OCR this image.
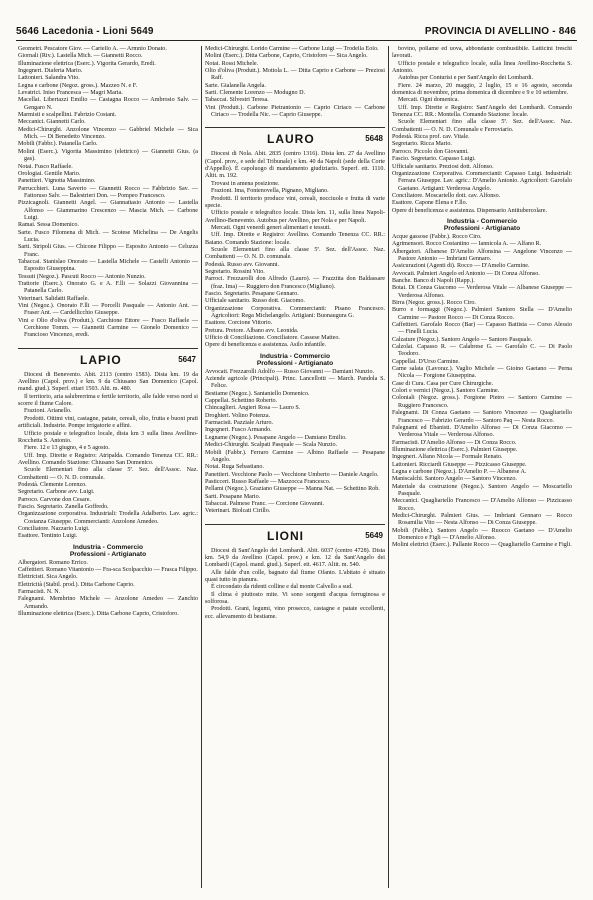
5646 Lacedonia - Lioni 5649	PROVINCIA DI AVELLINO - 846

Geometri. Pescatore Giov. — Cariello A. — Armnio Donato.

Giornali (Riv.). Lastella Mich. — Giannetti Rocco.

Illuminazione elettrica (Eserc.). Vigorita Gerardo, Eredi.

Ingegneri. Diaferia Mario.

Lattonieri. Salandra Vito.

Legna e carbone (Negoz. gross.). Mazzeo N. e F.

Levatrici. Iniso Francesca — Magri Maria.

Macellai. Libertazzi Emilio — Castagna Rocco — Ambrosio Salv. — Gengaro N.

Marmisti e scalpellini. Fabrizio Costant.

Meccanici. Giannetti Carlo.

Medici-Chirurghi. Anzolone Vincenzo — Gabbriel Michele — Sica Mich. — Di Benedetto Vincenzo.

Mobili (Fabbr.). Patanella Carlo.

Molini (Eserc.). Vigorita Massimino (elettrico) — Giannetti Gius. (a gas).

Notai. Fusco Raffaele.

Orologiai. Gentile Mario.

Panettieri. Vignotta Massimino.

Parrucchieri. Luna Saverio — Giannetti Rocco — Fabbrizio Sav. — Fattoruso Salv. — Balestrieri Don. — Pompeo Francesco.

Pizzicagnoli. Giannetti Angel. — Giannattasio Antonio — Lastella Alfonso — Giammarino Crescenzo — Mascia Mich. — Carbone Luigi.

Ramai. Sessa Domenico.

Sarte. Fusco Filomena di Mich. — Scotese Michelina — De Angelis Lucia.

Sarti. Stripoli Gius. — Chicone Filippo — Esposito Antonio — Celuzza Franc.

Tabaccai. Stanislao Onorato — Lastella Michele — Castelli Antonio — Esposito Giuseppina.

Tessuti (Negoz.). Pascuti Rocco — Antonio Nunzio.

Trattorie (Eserc.). Onorato G. e A. F.lli — Solazzi Giovannina — Patanella Carlo.

Veterinari. Salidatti Raffaele.

Vini (Negoz.). Onorato F.lli — Porcelli Pasquale — Antonio Ant. — Fraser Ant. — Cardellicchio Giuseppe.

Vini e Olio d'oliva (Produtt.). Carchione Ettore — Fusco Raffaele — Cerchione Tomm. — Giannetti Carmine — Gionelo Domenico — Francioso Vincenzo, eredi.

LAPIO	5647

Diocesi di Benevento. Abit. 2113 (centro 1583). Dista km. 19 da Avellino (Capol. prov.) e km. 9 da Chiusano San Domenico (Capol. mand. giud.). Superf. ettari 1503. Alti. m. 480.

Il territorio, aria salubrerrima e fertile territorio, alle falde verso nord si scorre il fiume Calore.

Frazioni. Arianello.

Prodotti. Ottimi vini, castagne, patate, cereali, olio, frutta e buoni prati artificiali. Industrie. Pompe irrigatorie e affini.

Ufficio postale e telegrafico locale, dista km 3 sulla linea Avellino-Rocchetta S. Antonio.

Fiere. 12 e 13 giugno, 4 e 5 agosto.

Uff. Imp. Dirette e Registro: Atripalda. Comando Tenenza CC. RR.: Avellino. Comando Stazione: Chiusano San Domenico.

Scuole Elementari fino alla classe 5ª. Sez. dell'Assoc. Naz. Combattenti — O. N. D. comunale.

Podestà. Clemente Lorenzo.

Segretario. Carbone avv. Luigi.

Parroco. Carvone don Cesare.

Fascio. Segretario. Zanella Goffredo.

Organizzazione corporativa. Industriali: Trodella Adalberto. Lav. agric.: Costanza Giuseppe. Commercianti: Anzolone Amedeo.

Conciliatore. Nazzario Luigi.

Esattore. Tentinto Luigi.

Industria - Commercio
Professioni - Artigianato

Albergatori. Romano Errico.

Caffettieri. Romano Vitantonio — Fra-sca Scolpacchio — Frasca Filippo.

Elettricisti. Sica Angelo.

Elettricità (Stabil. prod.). Ditta Carbone Caprio.

Farmacisti. N. N.

Falegnami. Membrino Michele — Anzolone Amedeo — Zanchio Armando.

Illuminazione elettrica (Eserc.). Ditta Carbone Caprio, Cristoforo.

Medici-Chirurghi. Lorido Carmine — Carbone Luigi — Trodella Eolo.

Molini (Eserc.). Ditta Carbone, Caprio, Cristoforo — Sica Angelo.

Notai. Rossi Michele.

Olio d'oliva (Produtt.). Mottola L. — Ditta Caprio e Carbone — Preziosi Raff.

Sarte. Gialanella Angela.

Sarti. Clemente Lorenzo — Modugno D.

Tabaccai. Silvestri Teresa.

Vini (Produtt.). Carbone Pietrantonio — Caprio Ciriaco — Carbone Ciriaco — Trodella Nic. — Caprio Giuseppe.

LAURO	5648

Diocesi di Nola. Abit. 2835 (centro 1316). Dista km. 27 da Avellino (Capol. prov., e sede del Tribunale) e km. 40 da Napoli (sede della Corte d'Appello). È capoluogo di mandamento giudiziario. Superf. ett. 1110. Altit. m. 192.

Trovasi in amena posizione.

Frazioni. Ima, Fontenovella, Pignano, Migliano.

Prodotti. Il territorio produce vini, cereali, nocciuole e frutta di varie specie.

Ufficio postale e telegrafico locale. Dista km. 11, sulla linea Napoli-Avellino-Benevento. Autobus per Avellino, per Nola e per Napoli.

Mercati. Ogni venerdì generi alimentari e tessuti.

Uff. Imp. Dirette e Registro: Avellino. Comando Tenenza CC. RR.: Baiano. Comando Stazione: locale.

Scuole Elementari fino alla classe 5ª. Sez. dell'Assoc. Naz. Combattenti — O. N. D. comunale.

Podestà. Russo avv. Giovanni.

Segretario. Rossini Vito.

Parroci. Frezzarolli don Alfredo (Lauro). — Frazzitta don Baldassare (fraz. Ima) — Ruggiero don Francesco (Migliano).

Fascio. Segretario. Pesapane Gennaro.

Ufficiale sanitario. Russo dott. Giacomo.

Organizzazione Corporativa. Commercianti: Pisano Francesco. Agricoltori: Rega Michelangelo. Artigiani: Buonaugura G.

Esattore. Corcione Vittorio.

Pretura. Pretore. Albano avv. Leonida.

Ufficio di Conciliazione. Conciliatore. Cassese Matteo.

Opere di beneficenza e assistenza. Asilo infantile.

Industria - Commercio
Professioni - Artigianato

Avvocati. Frezzarolli Adolfo — Russo Giovanni — Damiani Nunzio.

Aziende agricole (Principali). Princ. Lancellotti — March. Pandola S. Felice.

Bestiame (Negoz.). Santaniello Domenico.

Cappellai. Schettino Roberto.

Chincaglieri. Angieri Rosa — Lauro S.

Droghieri. Volino Potenza.

Farmacisti. Pazziale Arturo.

Ingegneri. Fusco Armando.

Legname (Negoz.). Pesapane Angelo — Damiano Emilio.

Medici-Chirurghi. Scalpati Pasquale — Scala Nunzio.

Mobili (Fabbr.). Ferraro Carmine — Albino Raffaele — Pesapane Angelo.

Notai. Ruga Sebastiano.

Panettieri. Vecchione Paolo — Vecchione Umberto — Daniele Angelo.

Pasticceri. Russo Raffaele — Mazzocca Francesco.

Pellami (Negoz.). Graziano Giuseppe — Manna Nat. — Schettino Rob.

Sarti. Pesapane Mario.

Tabaccai. Palmese Franc. — Corcione Giovanni.

Veterinari. Biolcati Cirillo.

LIONI	5649

Diocesi di Sant'Angelo dei Lombardi. Abit. 6037 (centro 4728). Dista km. 54,9 da Avellino (Capol. prov.) e km. 12 da Sant'Angelo dei Lombardi (Capol. mand. giud.). Superf. ett. 4617. Altit. m. 540.

Alle falde d'un colle, bagnato dal fiume Ofanto. L'abitato è situato quasi tutto in pianura.

È circondato da ridenti colline e dal monte Calvello a sud.

Il clima è piuttosto mite. Vi sono sorgenti d'acqua ferruginosa e solforosa.

Prodotti. Grani, legumi, vino prosecco, castagne e patate eccellenti, ecc. allevamento di bestiame.

bovino, pollame ed uova, abbondante combustibile. Latticini freschi lavorati.

Ufficio postale e telegrafico locale, sulla linea Avellino-Rocchetta S. Antonio.

Autobus per Conturisi e per Sant'Angelo dei Lombardi.

Fiere. 24 marzo, 20 maggio, 2 luglio, 15 e 16 agosto, seconda domenica di novembre, prima domenica di dicembre e 9 e 10 settembre.

Mercati. Ogni domenica.

Uff. Imp. Dirette e Registro: Sant'Angelo dei Lombardi. Comando Tenenza CC. RR.: Montella. Comando Stazione: locale.

Scuole Elementari fino alla classe 5ª. Sez. dell'Assoc. Naz. Combattenti — O. N. D. Comunale e Ferroviario.

Podestà. Ricca prof. cav. Vitale.

Segretario. Ricca Mario.

Parroco. Piccolo don Giovanni.

Fascio. Segretario. Capasso Luigi.

Ufficiale sanitario. Preziosi dott. Alfonso.

Organizzazione Corporativa. Commercianti: Capasso Luigi. Industriali: Ferrara Giuseppe. Lav. agric.: D'Amelio Antonio. Agricoltori: Garofalo Gaetano. Artigiani: Verderosa Angelo.

Conciliatore. Moscariello dott. cav. Alfonso.

Esattore. Capone Elena e F.llo.

Opere di beneficenza e assistenza. Dispensario Antitubercolare.

Industria - Commercio
Professioni - Artigianato

Acque gassose (Fabbr.). Rocco Ciro.

Agrimensori. Rocco Costantino — Iannicola A. — Alfano R.

Albergatori. Albanese D'Amelio Alfonsina — Angelone Vincenzo — Pastore Antonio — Imbriani Gennaro.

Assicurazioni (Agenti di). Rocco — D'Amelio Carmine.

Avvocati. Palmieri Angelo ed Antonio — Di Conza Alfonso.

Banche. Banco di Napoli (Rapp.).

Botai. Di Conza Giacomo — Verderosa Vitale — Albanese Giuseppe — Verderosa Alfonso.

Birra (Negoz. gross.). Rocco Ciro.

Burro e formaggi (Negoz.). Palmieri Santoro Stella — D'Amelio Carmine — Pastore Rocco — Di Conza Rocco.

Caffettieri. Garofalo Rocco (Bar) — Capasso Battista — Corso Alessio — Finelli Lucia.

Calzature (Negoz.). Santoro Angelo — Santoro Pasquale.

Calzolai. Capasso R. — Calabrese G. — Garofalo C. — Di Paolo Teodoro.

Cappellai. D'Urso Carmine.

Carne salata (Lavoraz.). Vaglio Michele — Gioino Gaetano — Perna Nicola — Forgione Giuseppina.

Case di Cura. Casa per Cure Chirurgiche.

Colori e vernici (Negoz.). Santoro Carmine.

Coloniali (Negoz. gross.). Forgione Pietro — Santoro Carmine — Ruggiero Francesco.

Falegnami. Di Conza Gaetano — Santoro Vincenzo — Quagliariello Francesco — Fabrizio Gerardo — Santoro Paq — Nesta Rocco.

Falegnami ed Ebanisti. D'Amelio Alfonso — Di Conza Giacomo — Verderosa Vitale — Verderosa Alfonso.

Farmacisti. D'Amelio Alfonso — Di Conza Rocco.

Illuminazione elettrica (Eserc.). Palmieri Giuseppe.

Ingegneri. Alfano Nicola — Formale Renato.

Lattonieri. Ricciardi Giuseppe — Pizzicasso Giuseppe.

Legna e carbone (Negoz.). D'Amelio P. — Albanese A.

Maniscalchi. Santoro Angelo — Santoro Vincenzo.

Materiale da costruzione (Negoz.). Santoro Angelo — Moscariello Pasquale.

Meccanici. Quagliariello Francesco — D'Amelio Alfonso — Pizzicasso Rocco.

Medici-Chirurghi. Palmieri Gius. — Imbriani Gennaro — Rocco Rosamilia Vito — Nesta Alfonso — Di Conza Giuseppe.

Mobili (Fabbr.). Santoro Angelo — Ruocco Gaetano — D'Amelio Domenico e Figli — D'Amelio Alfonso.

Molini elettrici (Eserc.). Pallante Rocco — Quagliariello Carmine e Figli.
